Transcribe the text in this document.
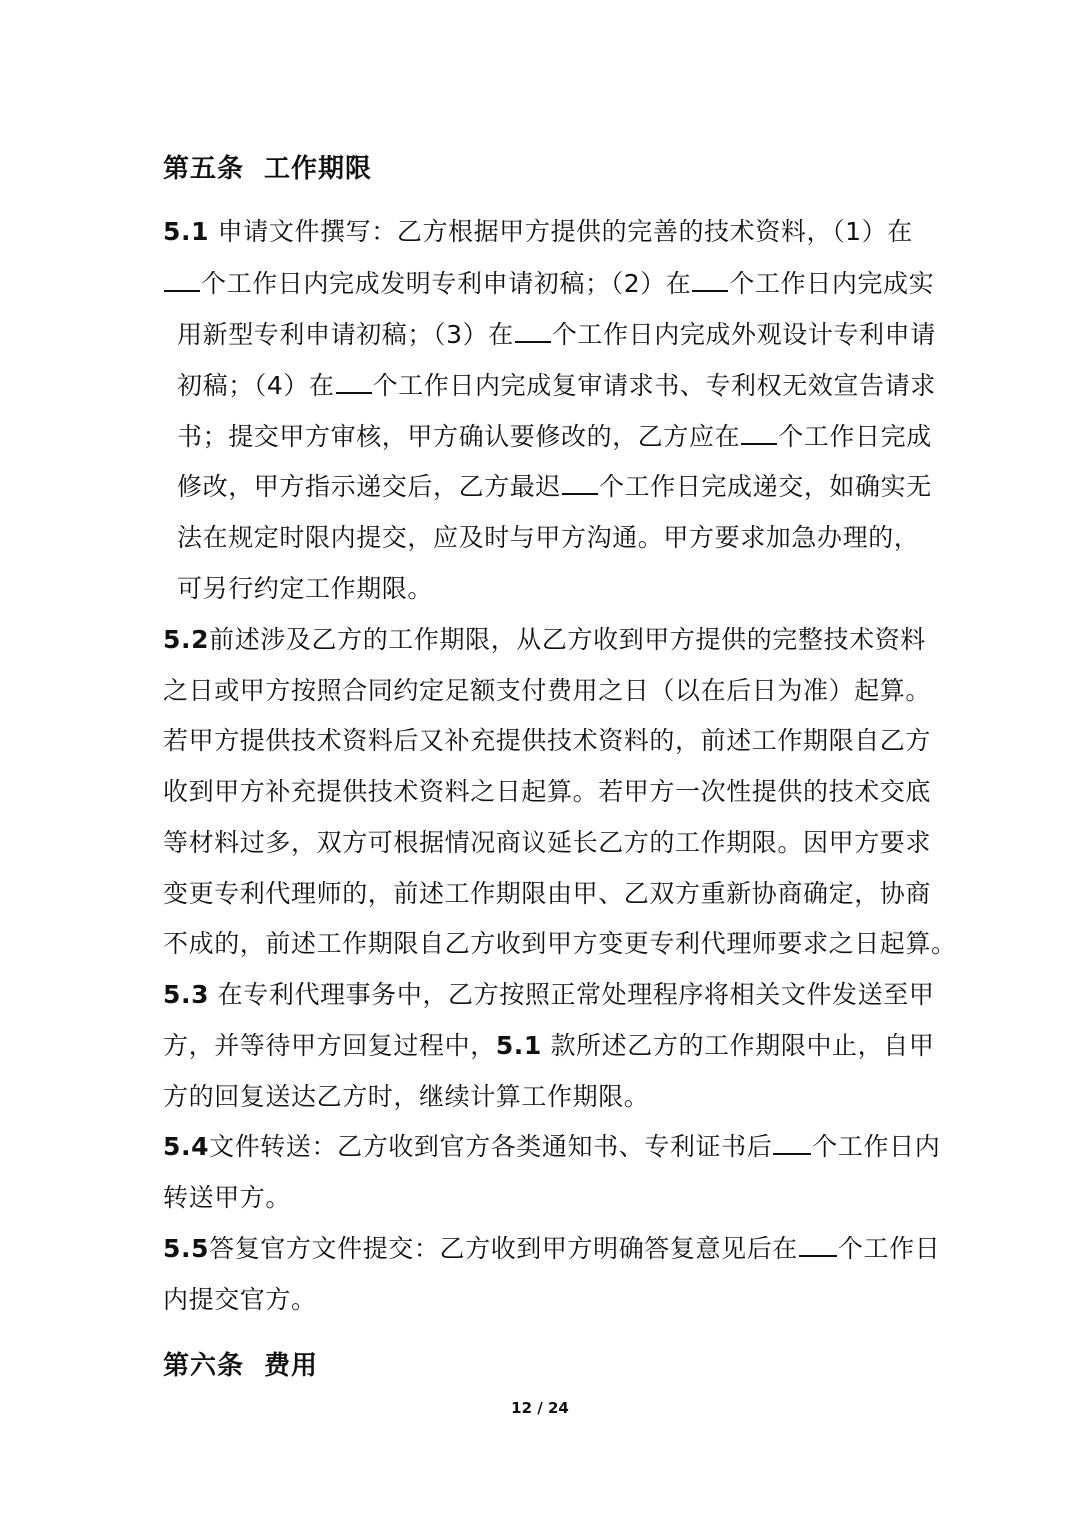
第五条 工作期限
5.1 申请文件撰写：乙方根据甲方提供的完善的技术资料，（1）在
个工作日内完成发明专利申请初稿；（2）在 个工作日内完成实
用新型专利申请初稿；（3）在 个工作日内完成外观设计专利申请
初稿；（4）在 个工作日内完成复审请求书、专利权无效宣告请求
书；提交甲方审核，甲方确认要修改的，乙方应在 个工作日完成
修改，甲方指示递交后，乙方最迟 个工作日完成递交，如确实无
法在规定时限内提交，应及时与甲方沟通。甲方要求加急办理的，
可另行约定工作期限。
5.2前述涉及乙方的工作期限，从乙方收到甲方提供的完整技术资料
之日或甲方按照合同约定足额支付费用之日（以在后日为准）起算。
若甲方提供技术资料后又补充提供技术资料的，前述工作期限自乙方
收到甲方补充提供技术资料之日起算。若甲方一次性提供的技术交底
等材料过多，双方可根据情况商议延长乙方的工作期限。因甲方要求
变更专利代理师的，前述工作期限由甲、乙双方重新协商确定，协商
不成的，前述工作期限自乙方收到甲方变更专利代理师要求之日起算。
5.3 在专利代理事务中，乙方按照正常处理程序将相关文件发送至甲
方，并等待甲方回复过程中，5.1 款所述乙方的工作期限中止，自甲
方的回复送达乙方时，继续计算工作期限。
5.4文件转送：乙方收到官方各类通知书、专利证书后 个工作日内
转送甲方。
5.5答复官方文件提交：乙方收到甲方明确答复意见后在 个工作日
内提交官方。
第六条 费用
12 / 24
